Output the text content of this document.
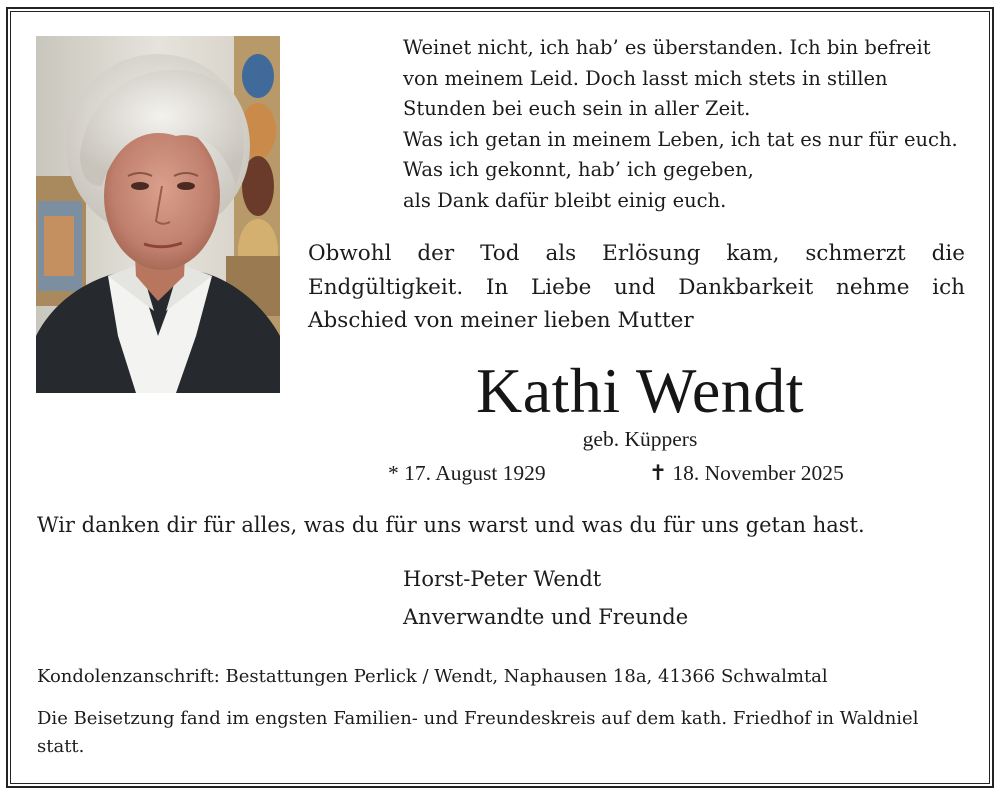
Weinet nicht, ich hab’ es überstanden. Ich bin befreit
von meinem Leid. Doch lasst mich stets in stillen
Stunden bei euch sein in aller Zeit.
Was ich getan in meinem Leben, ich tat es nur für euch.
Was ich gekonnt, hab’ ich gegeben,
als Dank dafür bleibt einig euch.
Obwohl der Tod als Erlösung kam, schmerzt die Endgültigkeit. In Liebe und Dankbarkeit nehme ich Abschied von meiner lieben Mutter
Kathi Wendt
geb. Küppers
* 17. August 1929	✝ 18. November 2025
Wir danken dir für alles, was du für uns warst und was du für uns getan hast.
Horst-Peter Wendt
Anverwandte und Freunde
Kondolenzanschrift: Bestattungen Perlick / Wendt, Naphausen 18a, 41366 Schwalmtal
Die Beisetzung fand im engsten Familien- und Freundeskreis auf dem kath. Friedhof in Waldniel statt.
